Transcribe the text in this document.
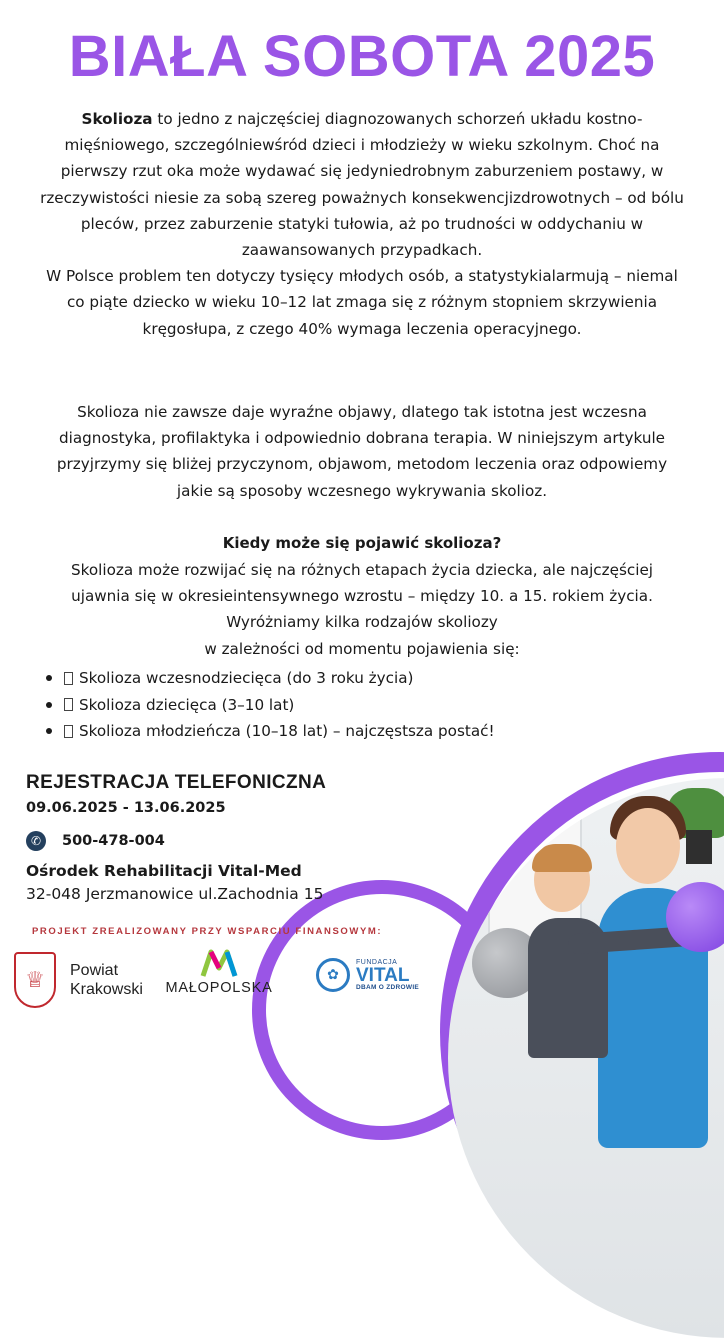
BIAŁA SOBOTA 2025
Skolioza to jedno z najczęściej diagnozowanych schorzeń układu kostno-mięśniowego, szczególniewśród dzieci i młodzieży w wieku szkolnym. Choć na pierwszy rzut oka może wydawać się jedyniedrobnym zaburzeniem postawy, w rzeczywistości niesie za sobą szereg poważnych konsekwencjizdrowotnych – od bólu pleców, przez zaburzenie statyki tułowia, aż po trudności w oddychaniu w zaawansowanych przypadkach.
W Polsce problem ten dotyczy tysięcy młodych osób, a statystykialarmują – niemal co piąte dziecko w wieku 10–12 lat zmaga się z różnym stopniem skrzywienia kręgosłupa, z czego 40% wymaga leczenia operacyjnego.
Skolioza nie zawsze daje wyraźne objawy, dlatego tak istotna jest wczesna diagnostyka, profilaktyka i odpowiednio dobrana terapia. W niniejszym artykule przyjrzymy się bliżej przyczynom, objawom, metodom leczenia oraz odpowiemy jakie są sposoby wczesnego wykrywania skolioz.
Kiedy może się pojawić skolioza?
Skolioza może rozwijać się na różnych etapach życia dziecka, ale najczęściej ujawnia się w okresieintensywnego wzrostu – między 10. a 15. rokiem życia. Wyróżniamy kilka rodzajów skoliozy
w zależności od momentu pojawienia się:
Skolioza wczesnodziecięca (do 3 roku życia)
Skolioza dziecięca (3–10 lat)
Skolioza młodzieńcza (10–18 lat) – najczęstsza postać!
REJESTRACJA TELEFONICZNA
09.06.2025 - 13.06.2025
✆	500-478-004
Ośrodek Rehabilitacji Vital-Med
32-048 Jerzmanowice ul.Zachodnia 15
PROJEKT ZREALIZOWANY PRZY WSPARCIU FINANSOWYM:
♕	Powiat
Krakowski MAŁOPOLSKA
✿
FUNDACJA
VITAL
DBAM O ZDROWIE
